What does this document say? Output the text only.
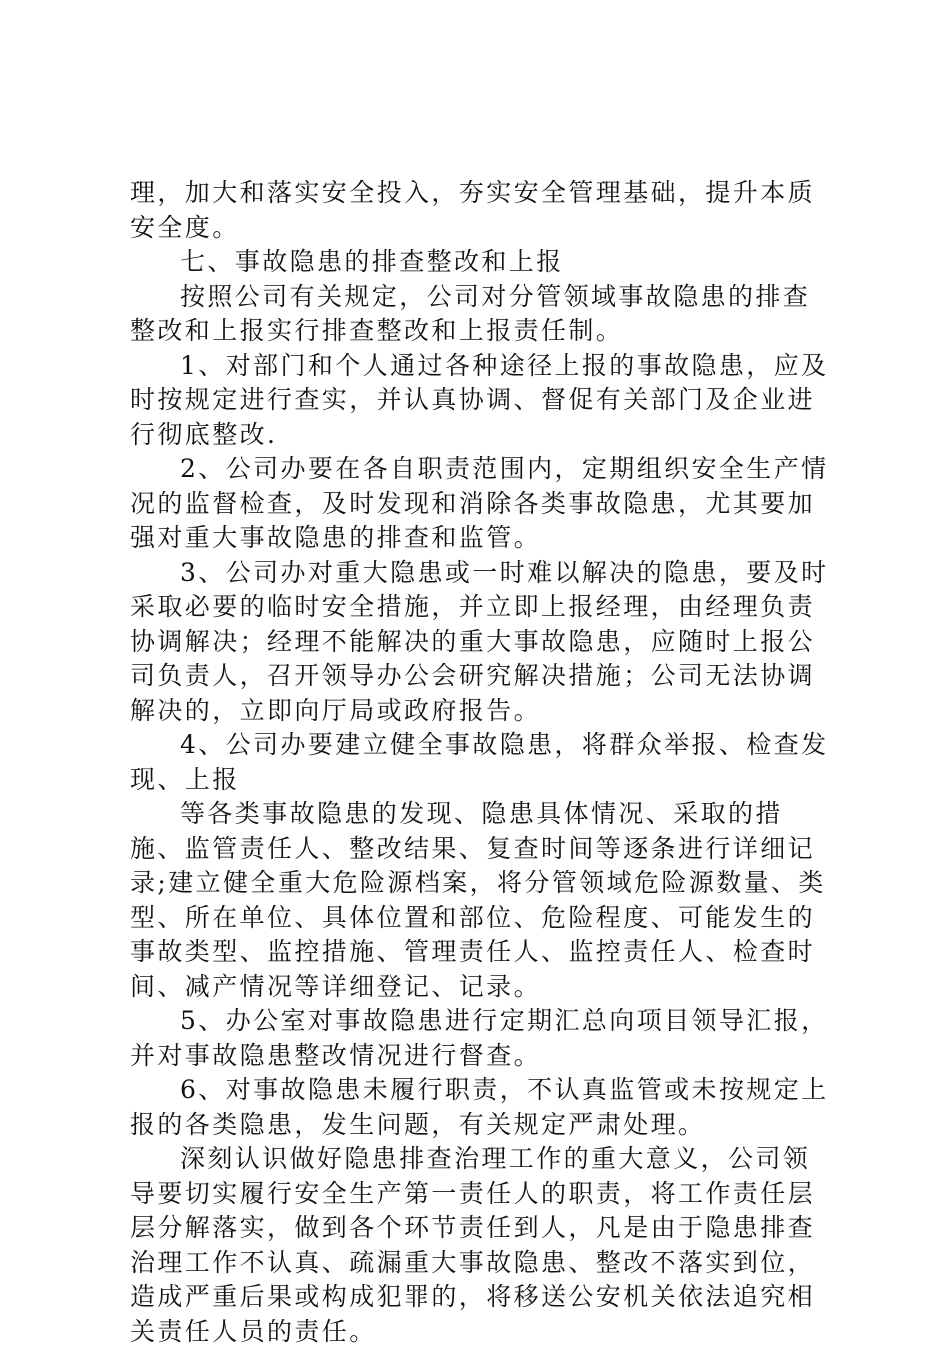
理，加大和落实安全投入，夯实安全管理基础，提升本质安全度。

七、事故隐患的排查整改和上报

按照公司有关规定，公司对分管领域事故隐患的排查整改和上报实行排查整改和上报责任制。

1、对部门和个人通过各种途径上报的事故隐患，应及时按规定进行查实，并认真协调、督促有关部门及企业进行彻底整改.

2、公司办要在各自职责范围内，定期组织安全生产情况的监督检查，及时发现和消除各类事故隐患，尤其要加强对重大事故隐患的排查和监管。

3、公司办对重大隐患或一时难以解决的隐患，要及时采取必要的临时安全措施，并立即上报经理，由经理负责协调解决；经理不能解决的重大事故隐患，应随时上报公司负责人，召开领导办公会研究解决措施；公司无法协调解决的，立即向厅局或政府报告。

4、公司办要建立健全事故隐患，将群众举报、检查发现、上报

等各类事故隐患的发现、隐患具体情况、采取的措施、监管责任人、整改结果、复查时间等逐条进行详细记录;建立健全重大危险源档案，将分管领域危险源数量、类型、所在单位、具体位置和部位、危险程度、可能发生的事故类型、监控措施、管理责任人、监控责任人、检查时间、减产情况等详细登记、记录。

5、办公室对事故隐患进行定期汇总向项目领导汇报，并对事故隐患整改情况进行督查。

6、对事故隐患未履行职责，不认真监管或未按规定上报的各类隐患，发生问题，有关规定严肃处理。

深刻认识做好隐患排查治理工作的重大意义，公司领导要切实履行安全生产第一责任人的职责，将工作责任层层分解落实，做到各个环节责任到人，凡是由于隐患排查治理工作不认真、疏漏重大事故隐患、整改不落实到位，造成严重后果或构成犯罪的，将移送公安机关依法追究相关责任人员的责任。
